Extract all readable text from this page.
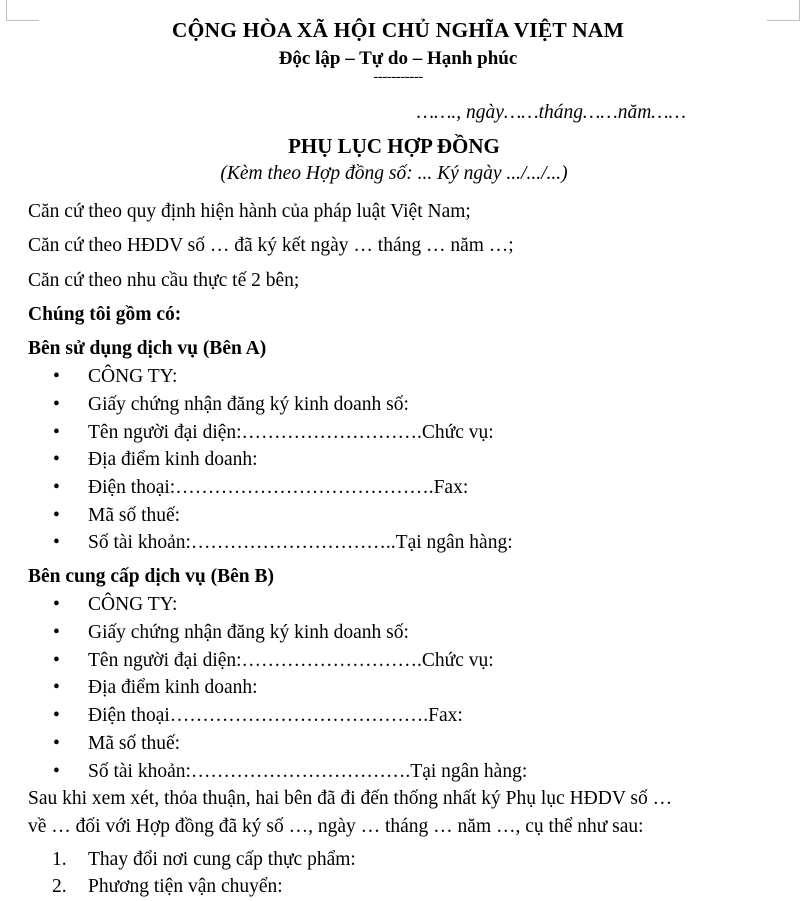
CỘNG HÒA XÃ HỘI CHỦ NGHĨA VIỆT NAM

Độc lập – Tự do – Hạnh phúc

-----------

……., ngày……tháng……năm……

PHỤ LỤC HỢP ĐỒNG

(Kèm theo Hợp đồng số: ... Ký ngày .../.../...)

Căn cứ theo quy định hiện hành của pháp luật Việt Nam;

Căn cứ theo HĐDV số … đã ký kết ngày … tháng … năm …;

Căn cứ theo nhu cầu thực tế 2 bên;

Chúng tôi gồm có:

Bên sử dụng dịch vụ (Bên A)

• CÔNG TY:
• Giấy chứng nhận đăng ký kinh doanh số:
• Tên người đại diện:……………………….Chức vụ:
• Địa điểm kinh doanh:
• Điện thoại:………………………………….Fax:
• Mã số thuế:
• Số tài khoản:…………………………..Tại ngân hàng:

Bên cung cấp dịch vụ (Bên B)

• CÔNG TY:
• Giấy chứng nhận đăng ký kinh doanh số:
• Tên người đại diện:……………………….Chức vụ:
• Địa điểm kinh doanh:
• Điện thoại………………………………….Fax:
• Mã số thuế:
• Số tài khoản:…………………………….Tại ngân hàng:

Sau khi xem xét, thỏa thuận, hai bên đã đi đến thống nhất ký Phụ lục HĐDV số …
về … đối với Hợp đồng đã ký số …, ngày … tháng … năm …, cụ thể như sau:

1. Thay đổi nơi cung cấp thực phẩm:
2. Phương tiện vận chuyển:
